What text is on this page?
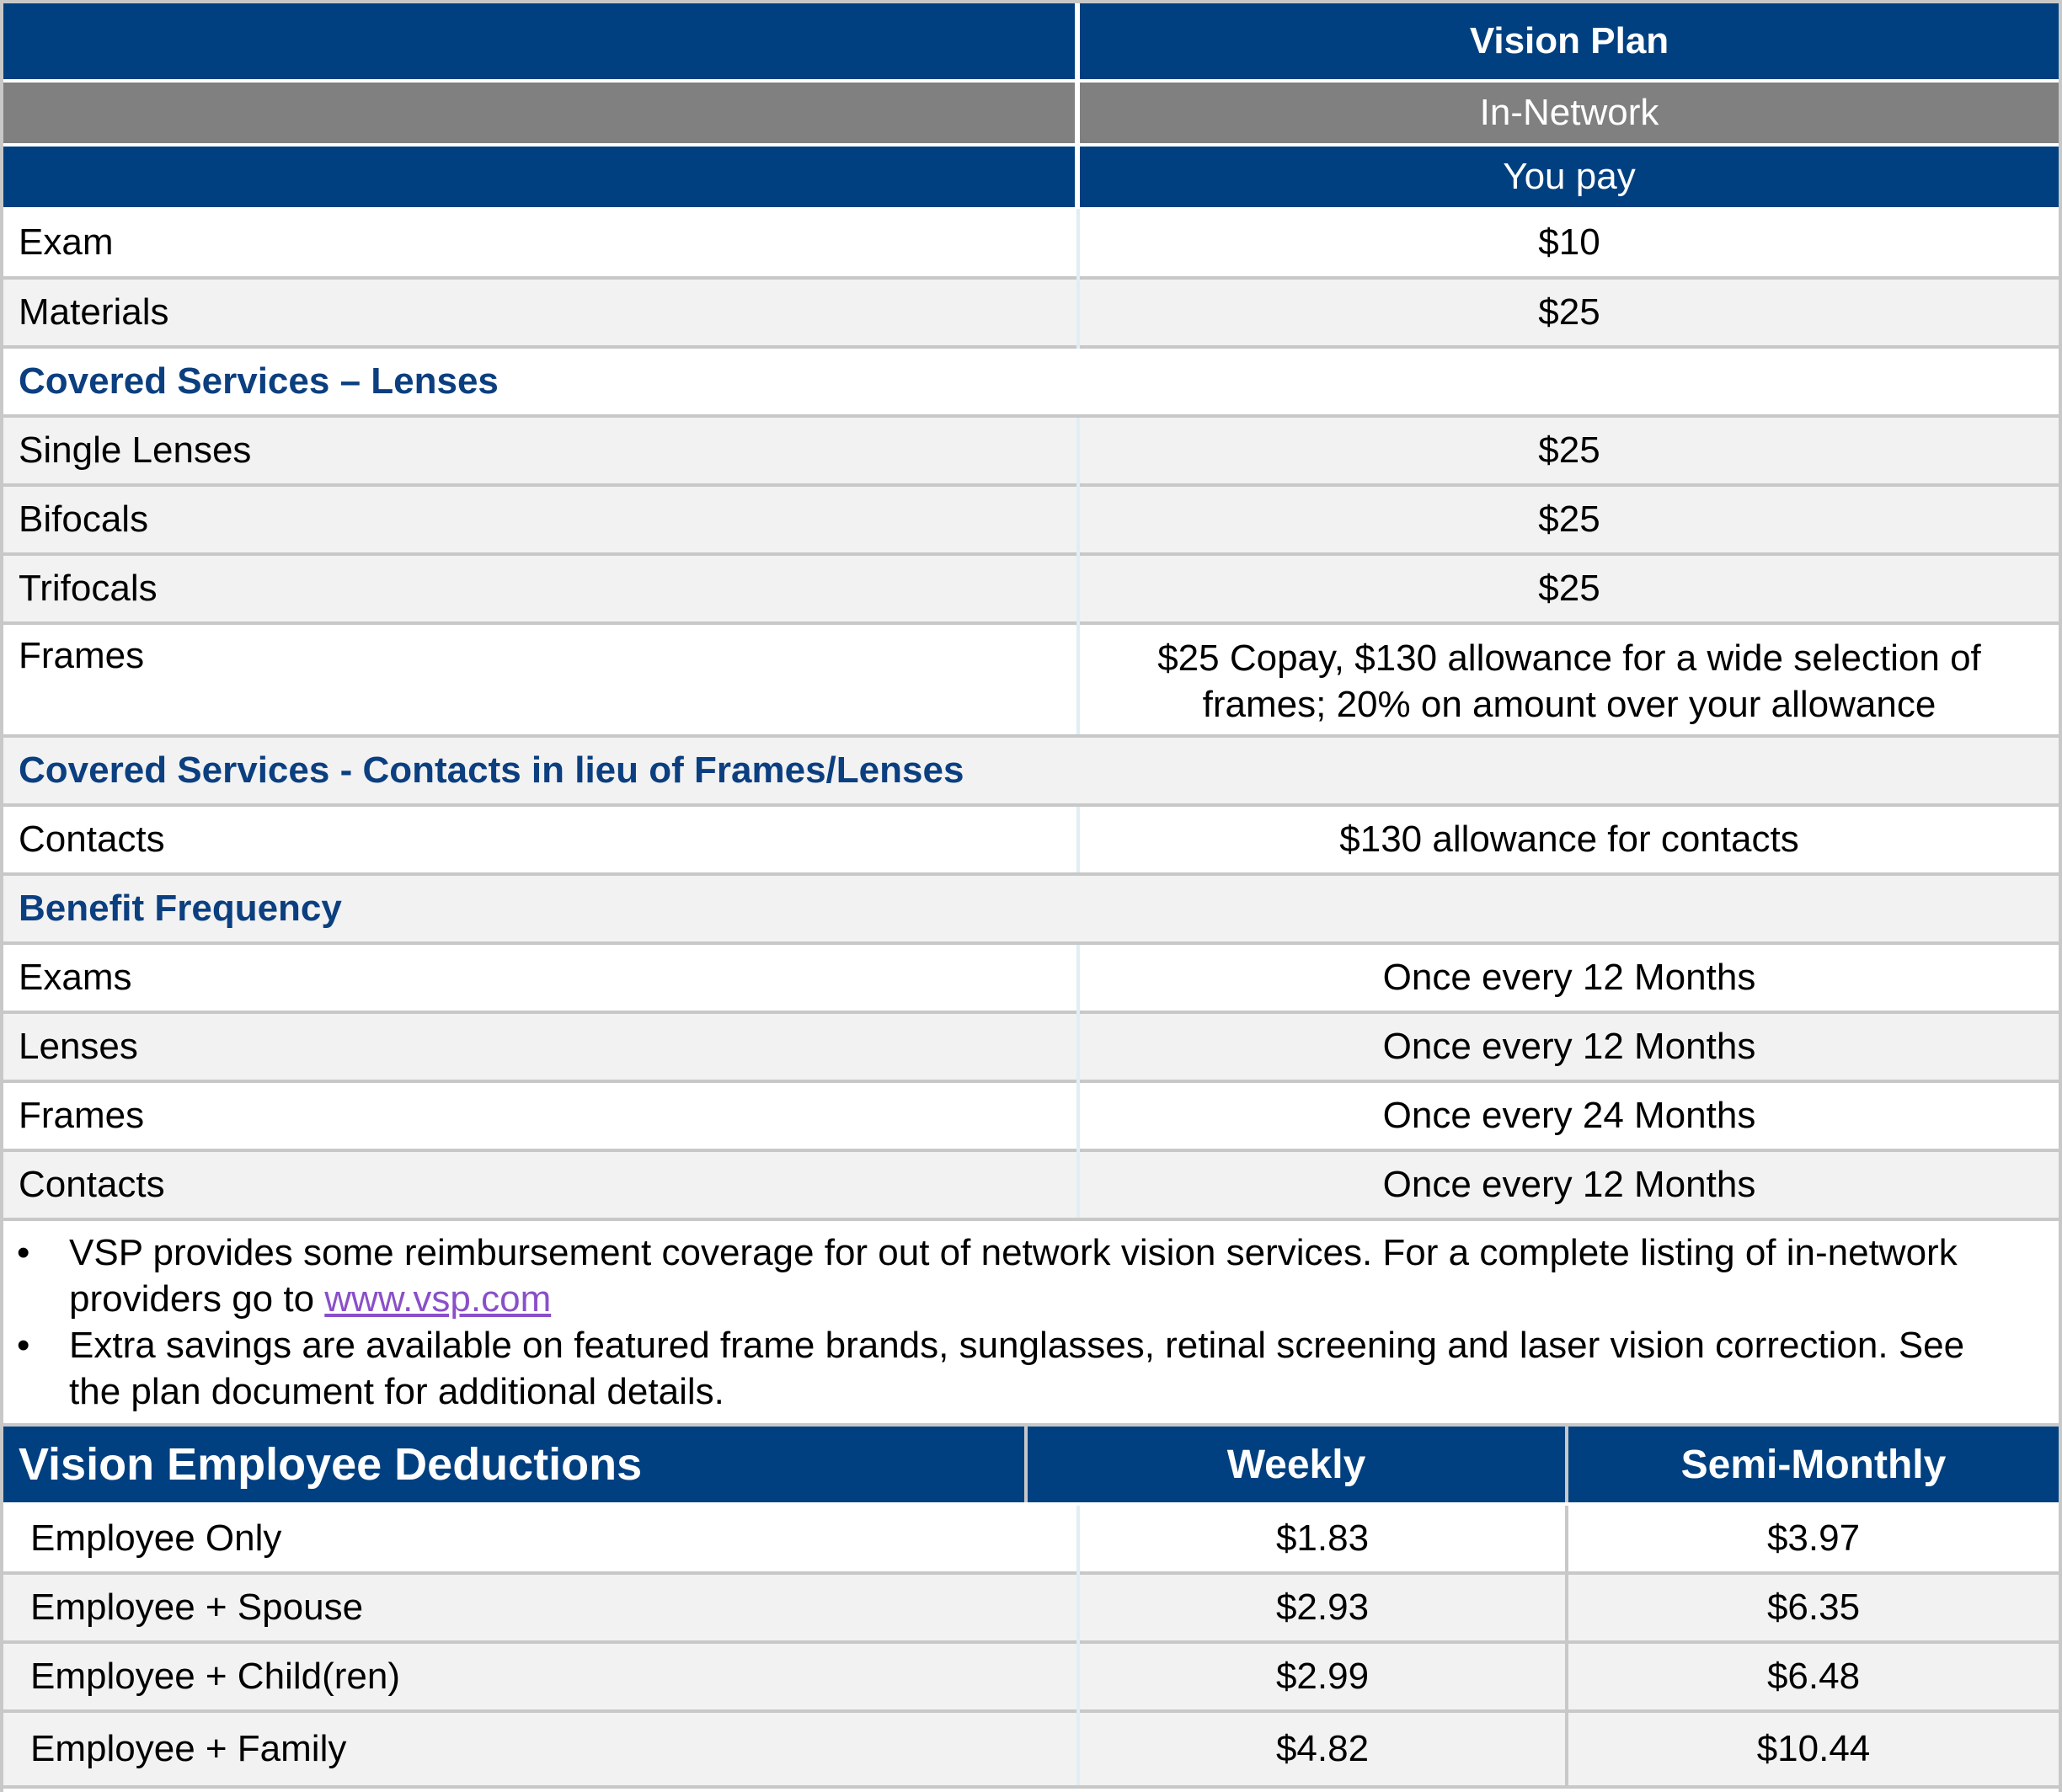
Vision Plan
In-Network
You pay
Exam	$10
Materials	$25
Covered Services – Lenses
Single Lenses	$25
Bifocals	$25
Trifocals	$25
Frames	$25 Copay, $130 allowance for a wide selection of
frames; 20% on amount over your allowance
Covered Services - Contacts in lieu of Frames/Lenses
Contacts	$130 allowance for contacts
Benefit Frequency
Exams	Once every 12 Months
Lenses	Once every 12 Months
Frames	Once every 24 Months
Contacts	Once every 12 Months
• VSP provides some reimbursement coverage for out of network vision services. For a complete listing of in-network
providers go to www.vsp.com
• Extra savings are available on featured frame brands, sunglasses, retinal screening and laser vision correction. See
the plan document for additional details.
Vision Employee Deductions	Weekly	Semi-Monthly
Employee Only	$1.83	$3.97
Employee + Spouse	$2.93	$6.35
Employee + Child(ren)	$2.99	$6.48
Employee + Family	$4.82	$10.44
